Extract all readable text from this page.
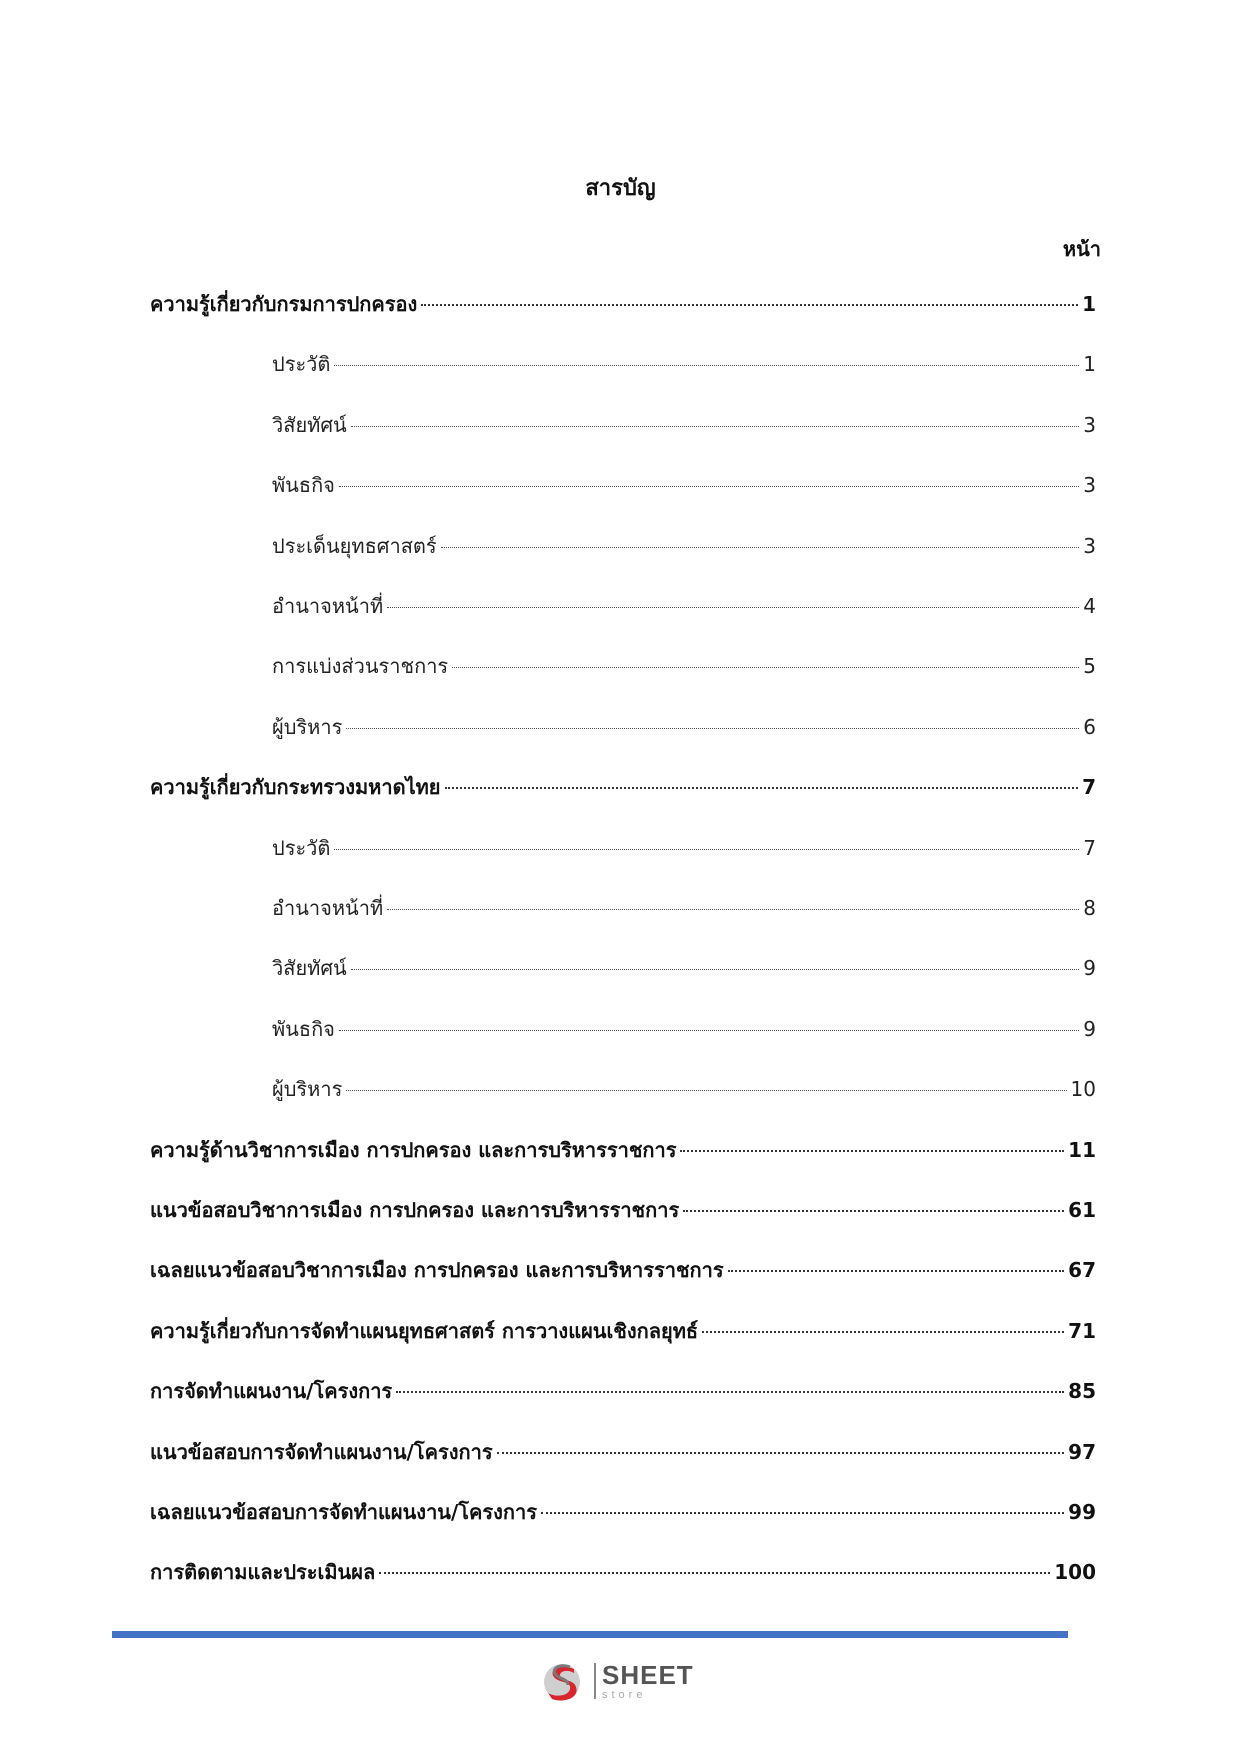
สารบัญ
หน้า
ความรู้เกี่ยวกับกรมการปกครอง	1
ประวัติ	1
วิสัยทัศน์	3
พันธกิจ	3
ประเด็นยุทธศาสตร์	3
อำนาจหน้าที่	4
การแบ่งส่วนราชการ	5
ผู้บริหาร	6
ความรู้เกี่ยวกับกระทรวงมหาดไทย	7
ประวัติ	7
อำนาจหน้าที่	8
วิสัยทัศน์	9
พันธกิจ	9
ผู้บริหาร	10
ความรู้ด้านวิชาการเมือง การปกครอง และการบริหารราชการ	11
แนวข้อสอบวิชาการเมือง การปกครอง และการบริหารราชการ	61
เฉลยแนวข้อสอบวิชาการเมือง การปกครอง และการบริหารราชการ	67
ความรู้เกี่ยวกับการจัดทำแผนยุทธศาสตร์ การวางแผนเชิงกลยุทธ์	71
การจัดทำแผนงาน/โครงการ	85
แนวข้อสอบการจัดทำแผนงาน/โครงการ	97
เฉลยแนวข้อสอบการจัดทำแผนงาน/โครงการ	99
การติดตามและประเมินผล	100
SHEET
store
